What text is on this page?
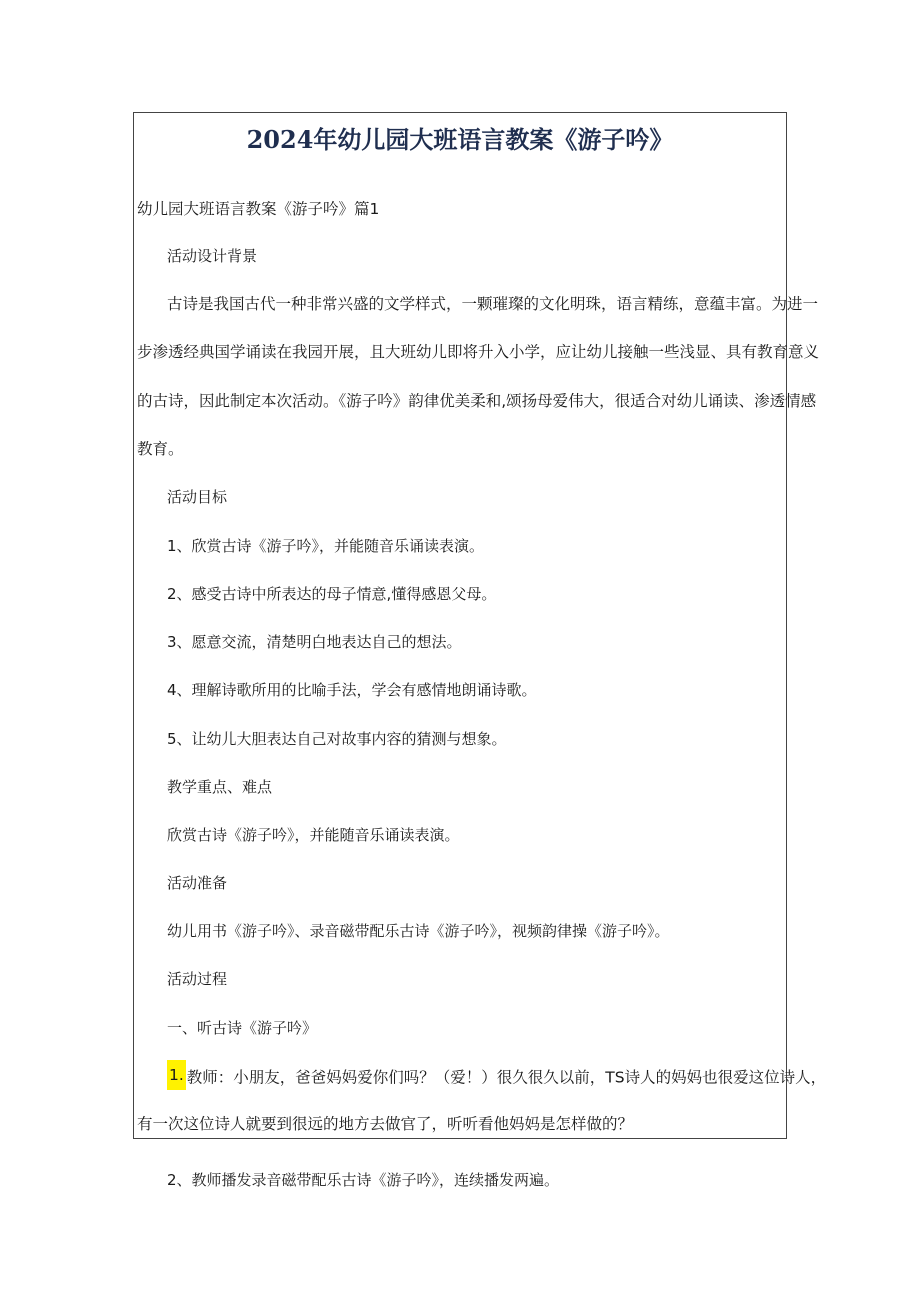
2024年幼儿园大班语言教案《游子吟》
幼儿园大班语言教案《游子吟》篇1
活动设计背景
古诗是我国古代一种非常兴盛的文学样式，一颗璀璨的文化明珠，语言精练，意蕴丰富。为进一
步渗透经典国学诵读在我园开展，且大班幼儿即将升入小学，应让幼儿接触一些浅显、具有教育意义
的古诗，因此制定本次活动。《游子吟》韵律优美柔和,颂扬母爱伟大，很适合对幼儿诵读、渗透情感
教育。
活动目标
1、欣赏古诗《游子吟》，并能随音乐诵读表演。
2、感受古诗中所表达的母子情意,懂得感恩父母。
3、愿意交流，清楚明白地表达自己的想法。
4、理解诗歌所用的比喻手法，学会有感情地朗诵诗歌。
5、让幼儿大胆表达自己对故事内容的猜测与想象。
教学重点、难点
欣赏古诗《游子吟》，并能随音乐诵读表演。
活动准备
幼儿用书《游子吟》、录音磁带配乐古诗《游子吟》，视频韵律操《游子吟》。
活动过程
一、听古诗《游子吟》
1. 教师：小朋友，爸爸妈妈爱你们吗？（爱！）很久很久以前，TS诗人的妈妈也很爱这位诗人，
有一次这位诗人就要到很远的地方去做官了，听听看他妈妈是怎样做的？
2、教师播发录音磁带配乐古诗《游子吟》，连续播发两遍。
